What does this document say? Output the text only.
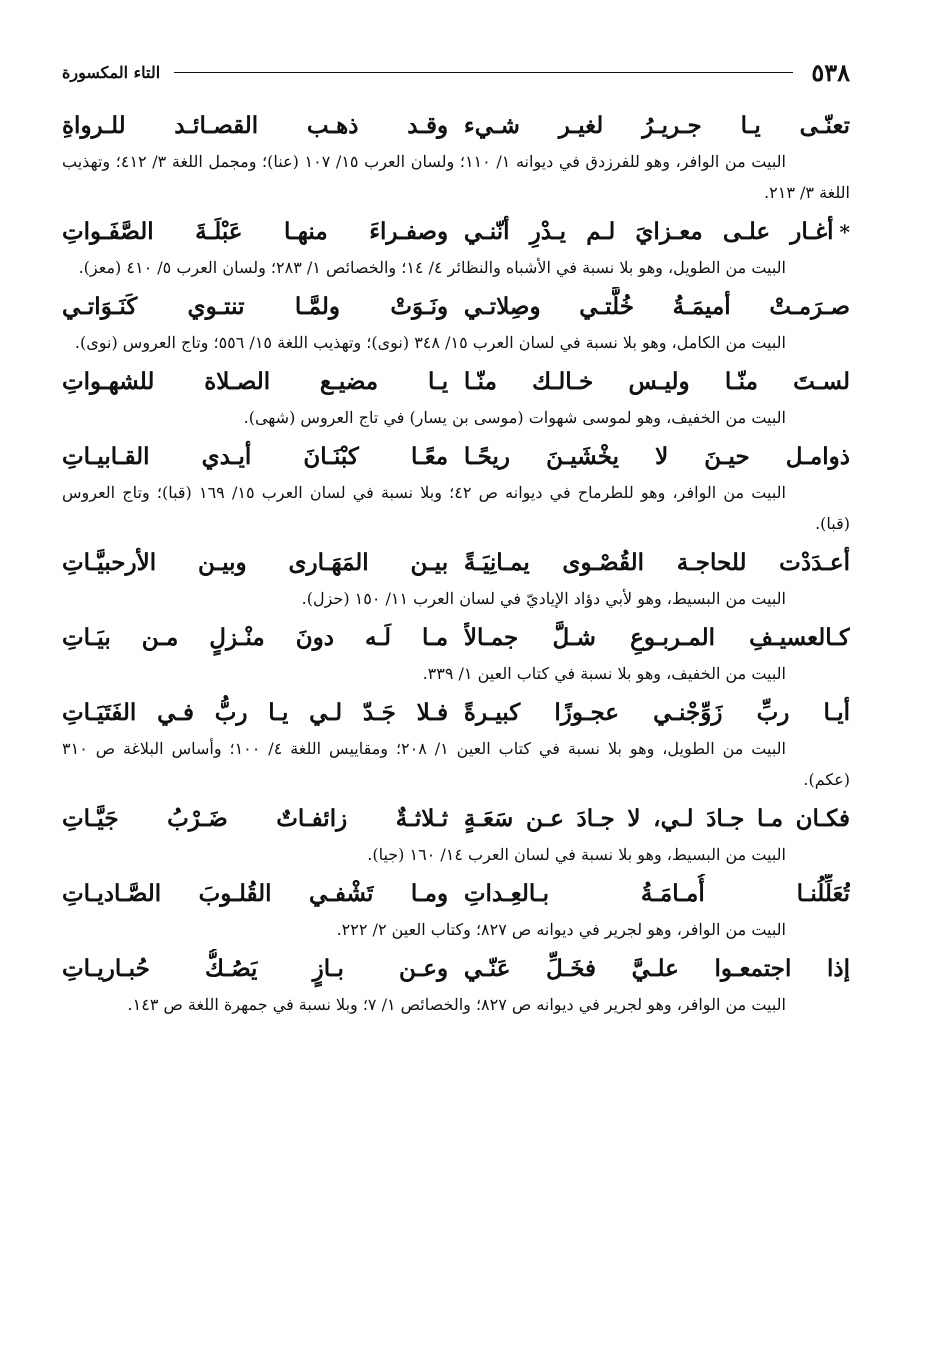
٥٣٨
التاء المكسورة
تعنّـى يـا جـريـرُ لغيـر شـيء
وقـد ذهـب القصـائـد للـرواةِ
البيت من الوافر، وهو للفرزدق في ديوانه ١/ ١١٠؛ ولسان العرب ١٥/ ١٠٧ (عنا)؛ ومجمل اللغة ٣/ ٤١٢؛ وتهذيب اللغة ٣/ ٢١٣.
*أغـار علـى معـزايَ لـم يـدْرِ أنّنـي
وصفـراءَ منهـا عَبْلَـةَ الصَّفَـواتِ
البيت من الطويل، وهو بلا نسبة في الأشباه والنظائر ٤/ ١٤؛ والخصائص ١/ ٢٨٣؛ ولسان العرب ٥/ ٤١٠ (معز).
صـرَمـتْ أميمَـةُ خُلَّتـي وصِلاتـي
ونَـوَتْ ولمَّـا تنتـوي كَنَـوَاتـي
البيت من الكامل، وهو بلا نسبة في لسان العرب ١٥/ ٣٤٨ (نوى)؛ وتهذيب اللغة ١٥/ ٥٥٦؛ وتاج العروس (نوى).
لسـتَ منّـا وليـس خـالـك منّـا
يـا مضيـع الصـلاة للشهـواتِ
البيت من الخفيف، وهو لموسى شهوات (موسى بن يسار) في تاج العروس (شهى).
ذوامـل حيـنَ لا يخْشَيـنَ ريحًـا
معًـا كبْنَـانَ أيـدي القـابيـاتِ
البيت من الوافر، وهو للطرماح في ديوانه ص ٤٢؛ وبلا نسبة في لسان العرب ١٥/ ١٦٩ (قبا)؛ وتاج العروس (قبا).
أعـدَدْت للحاجـة القُصْـوى يمـانِيَـةً
بيـن المَهَـارى وبيـن الأرحبيَّـاتِ
البيت من البسيط، وهو لأبي دؤاد الإياديّ في لسان العرب ١١/ ١٥٠ (حزل).
كـالعسيـفِ المـربـوعِ شـلَّ جمـالاً
مـا لَـه دونَ منْـزلٍ مـن بيَـاتِ
البيت من الخفيف، وهو بلا نسبة في كتاب العين ١/ ٣٣٩.
أيـا ربِّ زَوِّجْنـي عجـوزًا كبيـرةً
فـلا جَـدّ لـي يـا ربُّ فـي الفَتَيَـاتِ
البيت من الطويل، وهو بلا نسبة في كتاب العين ١/ ٢٠٨؛ ومقاييس اللغة ٤/ ١٠٠؛ وأساس البلاغة ص ٣١٠ (عكم).
فكـان مـا جـادَ لـي، لا جـادَ عـن سَعَـةٍ
ثـلاثـةٌ زائفـاتٌ ضَـرْبُ جَيَّـاتِ
البيت من البسيط، وهو بلا نسبة في لسان العرب ١٤/ ١٦٠ (جيا).
تُعَلِّلُنـا أُمـامَـةُ بـالعِـداتِ
ومـا تَشْفـي القُلـوبَ الصَّـاديـاتِ
البيت من الوافر، وهو لجرير في ديوانه ص ٨٢٧؛ وكتاب العين ٢/ ٢٢٢.
إذا اجتمعـوا علـيَّ فخَـلِّ عَنّـي
وعـن بـازٍ يَصُـكُّ حُبـاريـاتِ
البيت من الوافر، وهو لجرير في ديوانه ص ٨٢٧؛ والخصائص ١/ ٧؛ وبلا نسبة في جمهرة اللغة ص ١٤٣.
